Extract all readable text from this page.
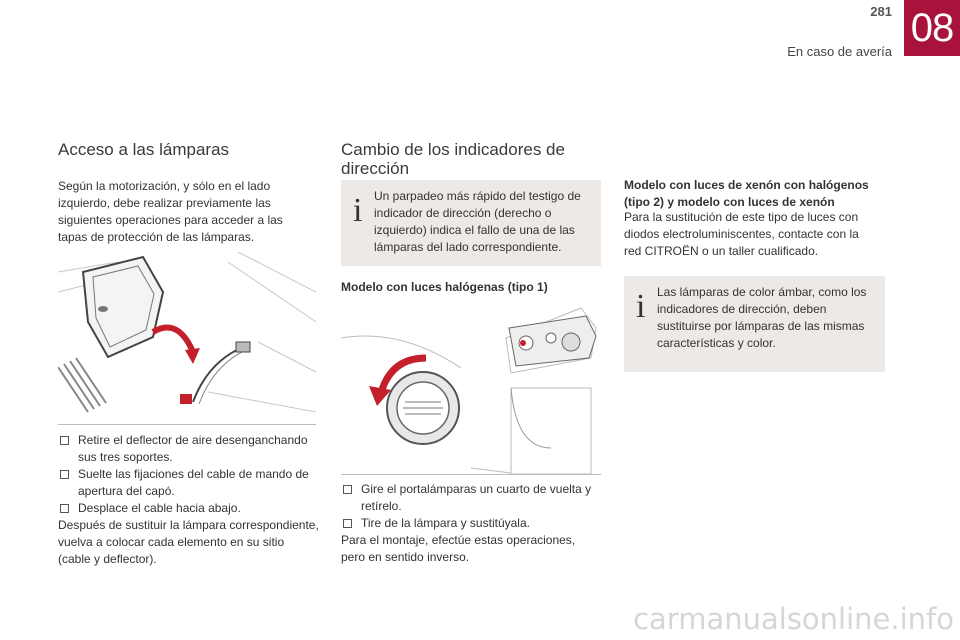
281
En caso de avería
08
Acceso a las lámparas

Según la motorización, y sólo en el lado izquierdo, debe realizar previamente las siguientes operaciones para acceder a las tapas de protección de las lámparas.

Retire el deflector de aire desenganchando sus tres soportes.
Suelte las fijaciones del cable de mando de apertura del capó.
Desplace el cable hacia abajo.
Después de sustituir la lámpara correspondiente, vuelva a colocar cada elemento en su sitio (cable y deflector).
Cambio de los indicadores de dirección
i Un parpadeo más rápido del testigo de indicador de dirección (derecho o izquierdo) indica el fallo de una de las lámparas del lado correspondiente.

Modelo con luces halógenas (tipo 1)

Gire el portalámparas un cuarto de vuelta y retírelo.
Tire de la lámpara y sustitúyala.
Para el montaje, efectúe estas operaciones, pero en sentido inverso.

Modelo con luces de xenón con halógenos (tipo 2) y modelo con luces de xenón

Para la sustitución de este tipo de luces con diodos electroluminiscentes, contacte con la red CITROËN o un taller cualificado.

i Las lámparas de color ámbar, como los indicadores de dirección, deben sustituirse por lámparas de las mismas características y color.
carmanualsonline.info
